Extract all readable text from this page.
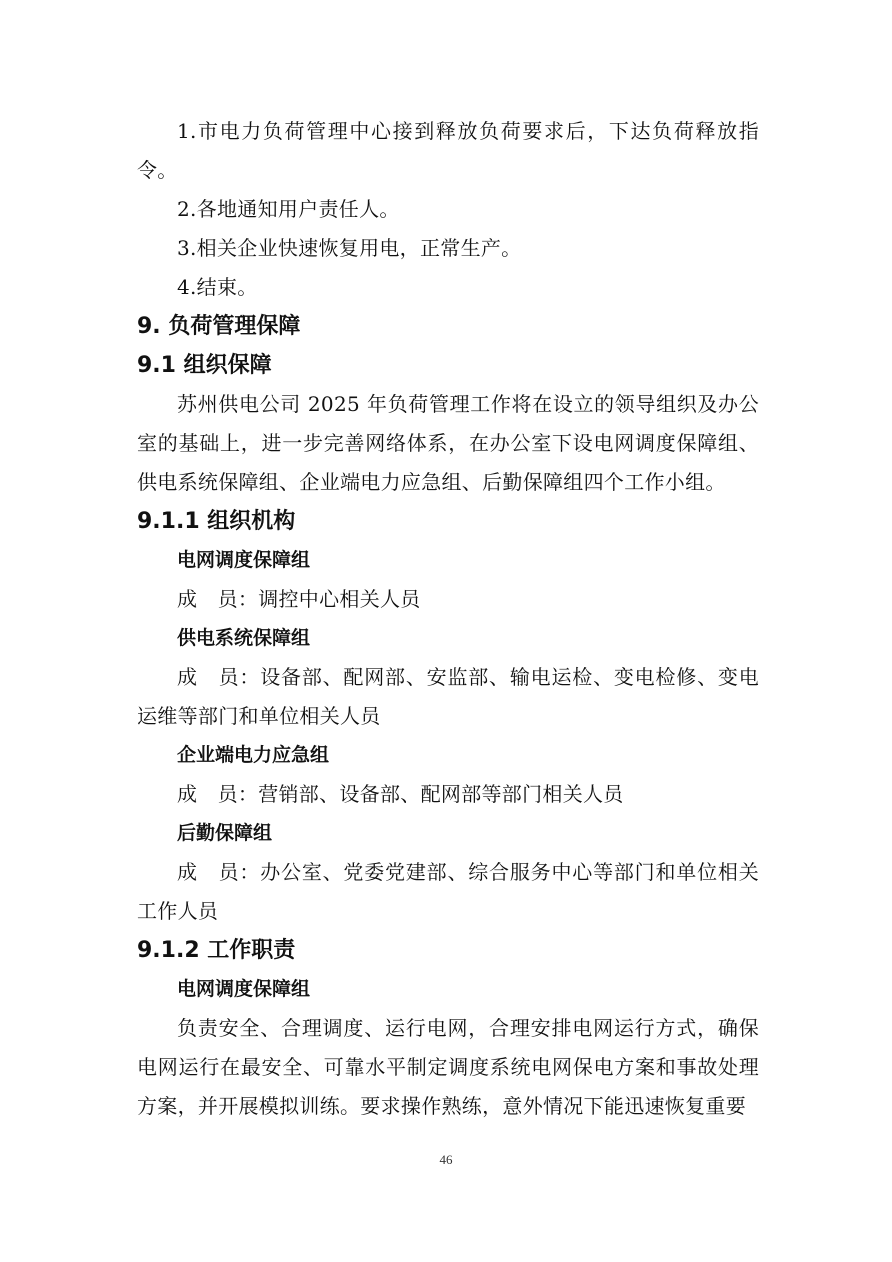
1.市电力负荷管理中心接到释放负荷要求后，下达负荷释放指令。

2.各地通知用户责任人。

3.相关企业快速恢复用电，正常生产。

4.结束。

9. 负荷管理保障
9.1 组织保障

苏州供电公司 2025 年负荷管理工作将在设立的领导组织及办公室的基础上，进一步完善网络体系，在办公室下设电网调度保障组、供电系统保障组、企业端电力应急组、后勤保障组四个工作小组。

9.1.1 组织机构

电网调度保障组

成　员：调控中心相关人员

供电系统保障组

成　员：设备部、配网部、安监部、输电运检、变电检修、变电运维等部门和单位相关人员

企业端电力应急组

成　员：营销部、设备部、配网部等部门相关人员

后勤保障组

成　员：办公室、党委党建部、综合服务中心等部门和单位相关工作人员

9.1.2 工作职责

电网调度保障组

负责安全、合理调度、运行电网，合理安排电网运行方式，确保电网运行在最安全、可靠水平制定调度系统电网保电方案和事故处理方案，并开展模拟训练。要求操作熟练，意外情况下能迅速恢复重要

46
